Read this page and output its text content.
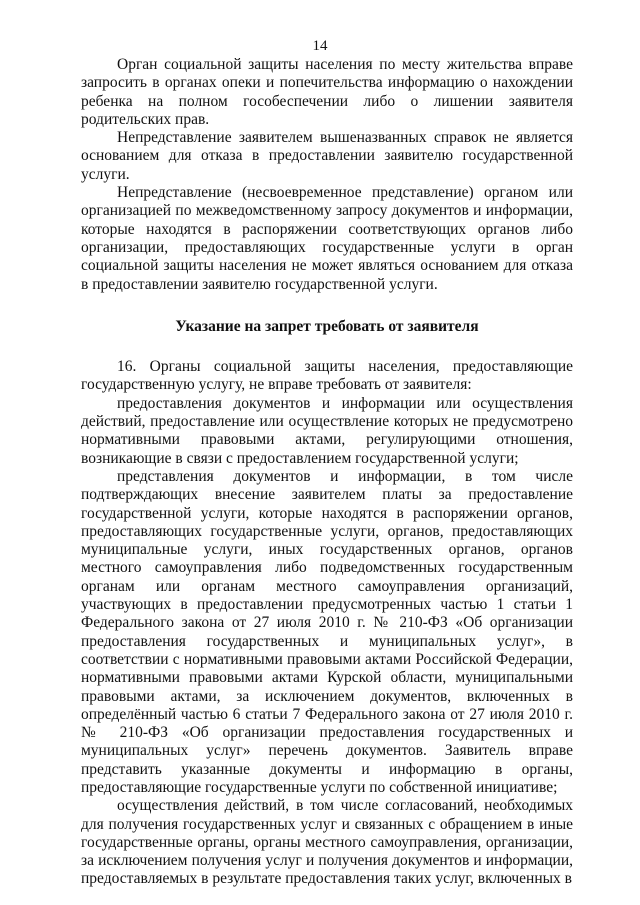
14

Орган социальной защиты населения по месту жительства вправе запросить в органах опеки и попечительства информацию о нахождении ребенка на полном гособеспечении либо о лишении заявителя родительских прав.

Непредставление заявителем вышеназванных справок не является основанием для отказа в предоставлении заявителю государственной услуги.

Непредставление (несвоевременное представление) органом или организацией по межведомственному запросу документов и информации, которые находятся в распоряжении соответствующих органов либо организации, предоставляющих государственные услуги в орган социальной защиты населения не может являться основанием для отказа в предоставлении заявителю государственной услуги.

Указание на запрет требовать от заявителя

16. Органы социальной защиты населения, предоставляющие государственную услугу, не вправе требовать от заявителя:

предоставления документов и информации или осуществления действий, предоставление или осуществление которых не предусмотрено нормативными правовыми актами, регулирующими отношения, возникающие в связи с предоставлением государственной услуги;

представления документов и информации, в том числе подтверждающих внесение заявителем платы за предоставление государственной услуги, которые находятся в распоряжении органов, предоставляющих государственные услуги, органов, предоставляющих муниципальные услуги, иных государственных органов, органов местного самоуправления либо подведомственных государственным органам или органам местного самоуправления организаций, участвующих в предоставлении предусмотренных частью 1 статьи 1 Федерального закона от 27 июля 2010 г. № 210-ФЗ «Об организации предоставления государственных и муниципальных услуг», в соответствии с нормативными правовыми актами Российской Федерации, нормативными правовыми актами Курской области, муниципальными правовыми актами, за исключением документов, включенных в определённый частью 6 статьи 7 Федерального закона от 27 июля 2010 г. № 210-ФЗ «Об организации предоставления государственных и муниципальных услуг» перечень документов. Заявитель вправе представить указанные документы и информацию в органы, предоставляющие государственные услуги по собственной инициативе;

осуществления действий, в том числе согласований, необходимых для получения государственных услуг и связанных с обращением в иные государственные органы, органы местного самоуправления, организации, за исключением получения услуг и получения документов и информации, предоставляемых в результате предоставления таких услуг, включенных в
